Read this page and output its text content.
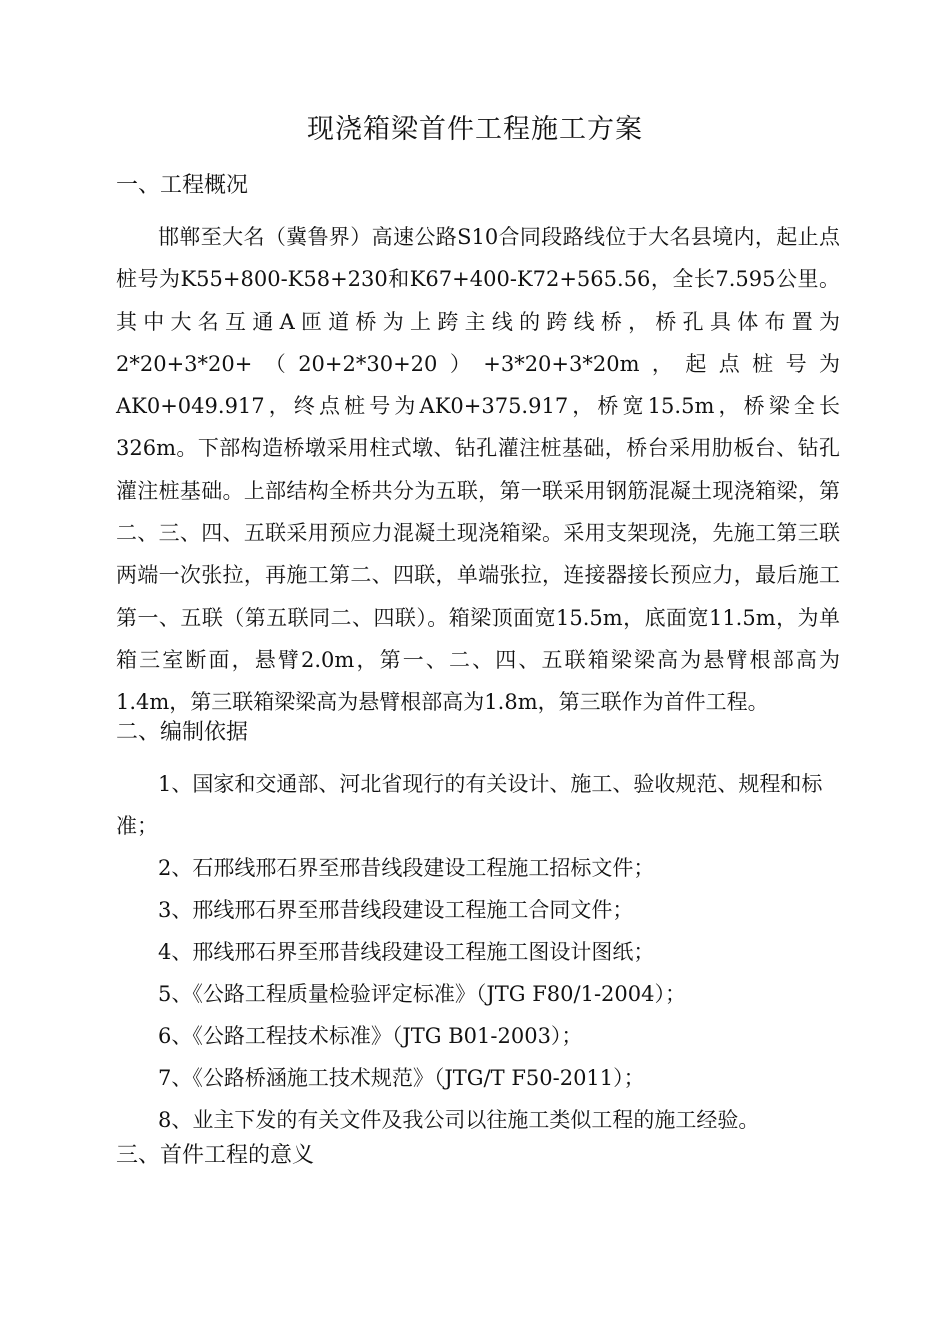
现浇箱梁首件工程施工方案
一、工程概况

邯郸至大名（冀鲁界）高速公路S10合同段路线位于大名县境内，起止点桩号为K55+800-K58+230和K67+400-K72+565.56，全长7.595公里。其中大名互通A匝道桥为上跨主线的跨线桥，桥孔具体布置为2*20+3*20+（20+2*30+20）+3*20+3*20m，起点桩号为AK0+049.917，终点桩号为AK0+375.917，桥宽15.5m，桥梁全长326m。下部构造桥墩采用柱式墩、钻孔灌注桩基础，桥台采用肋板台、钻孔灌注桩基础。上部结构全桥共分为五联，第一联采用钢筋混凝土现浇箱梁，第二、三、四、五联采用预应力混凝土现浇箱梁。采用支架现浇，先施工第三联两端一次张拉，再施工第二、四联，单端张拉，连接器接长预应力，最后施工第一、五联（第五联同二、四联）。箱梁顶面宽15.5m，底面宽11.5m，为单箱三室断面，悬臂2.0m，第一、二、四、五联箱梁梁高为悬臂根部高为1.4m，第三联箱梁梁高为悬臂根部高为1.8m，第三联作为首件工程。

二、编制依据

1、国家和交通部、河北省现行的有关设计、施工、验收规范、规程和标准；

2、石邢线邢石界至邢昔线段建设工程施工招标文件；

3、邢线邢石界至邢昔线段建设工程施工合同文件；

4、邢线邢石界至邢昔线段建设工程施工图设计图纸；

5、《公路工程质量检验评定标准》（JTG F80/1-2004）；

6、《公路工程技术标准》（JTG B01-2003）；

7、《公路桥涵施工技术规范》（JTG/T F50-2011）；

8、业主下发的有关文件及我公司以往施工类似工程的施工经验。

三、首件工程的意义
